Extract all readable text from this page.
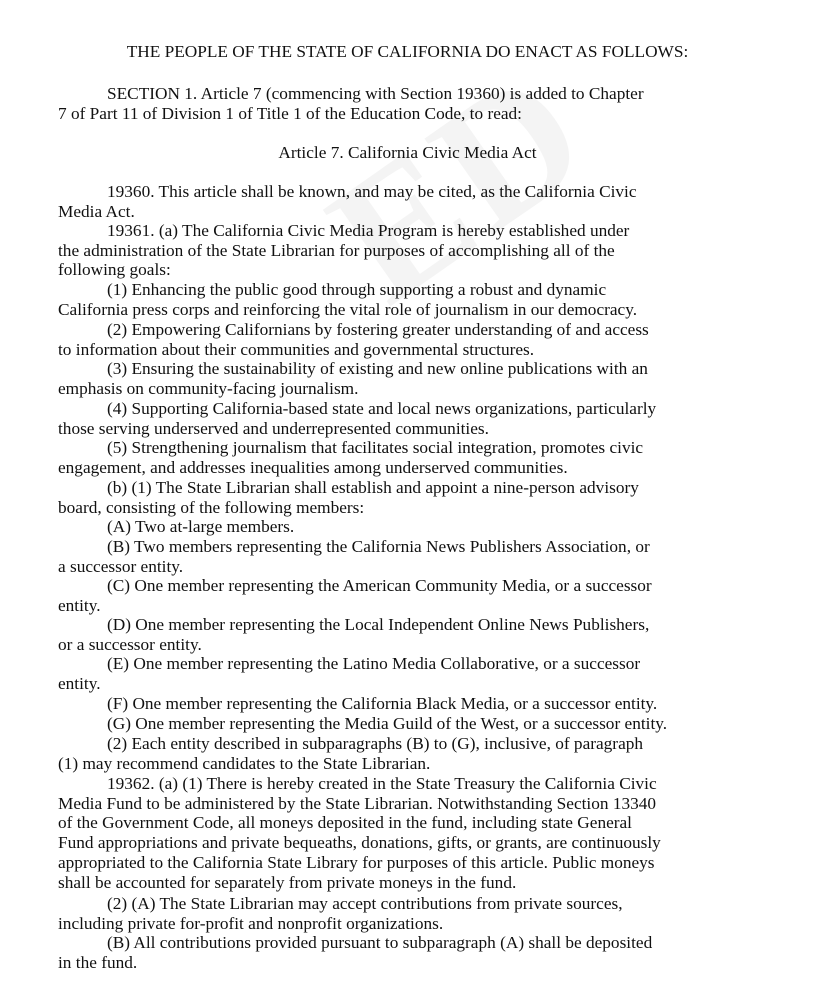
THE PEOPLE OF THE STATE OF CALIFORNIA DO ENACT AS FOLLOWS:
SECTION 1. Article 7 (commencing with Section 19360) is added to Chapter
7 of Part 11 of Division 1 of Title 1 of the Education Code, to read:
Article 7. California Civic Media Act
19360. This article shall be known, and may be cited, as the California Civic
Media Act.
19361. (a) The California Civic Media Program is hereby established under
the administration of the State Librarian for purposes of accomplishing all of the
following goals:
(1) Enhancing the public good through supporting a robust and dynamic
California press corps and reinforcing the vital role of journalism in our democracy.
(2) Empowering Californians by fostering greater understanding of and access
to information about their communities and governmental structures.
(3) Ensuring the sustainability of existing and new online publications with an
emphasis on community-facing journalism.
(4) Supporting California-based state and local news organizations, particularly
those serving underserved and underrepresented communities.
(5) Strengthening journalism that facilitates social integration, promotes civic
engagement, and addresses inequalities among underserved communities.
(b) (1) The State Librarian shall establish and appoint a nine-person advisory
board, consisting of the following members:
(A) Two at-large members.
(B) Two members representing the California News Publishers Association, or
a successor entity.
(C) One member representing the American Community Media, or a successor
entity.
(D) One member representing the Local Independent Online News Publishers,
or a successor entity.
(E) One member representing the Latino Media Collaborative, or a successor
entity.
(F) One member representing the California Black Media, or a successor entity.
(G) One member representing the Media Guild of the West, or a successor entity.
(2) Each entity described in subparagraphs (B) to (G), inclusive, of paragraph
(1) may recommend candidates to the State Librarian.
19362. (a) (1) There is hereby created in the State Treasury the California Civic
Media Fund to be administered by the State Librarian. Notwithstanding Section 13340
of the Government Code, all moneys deposited in the fund, including state General
Fund appropriations and private bequeaths, donations, gifts, or grants, are continuously
appropriated to the California State Library for purposes of this article. Public moneys
shall be accounted for separately from private moneys in the fund.
(2) (A) The State Librarian may accept contributions from private sources,
including private for-profit and nonprofit organizations.
(B) All contributions provided pursuant to subparagraph (A) shall be deposited
in the fund.
